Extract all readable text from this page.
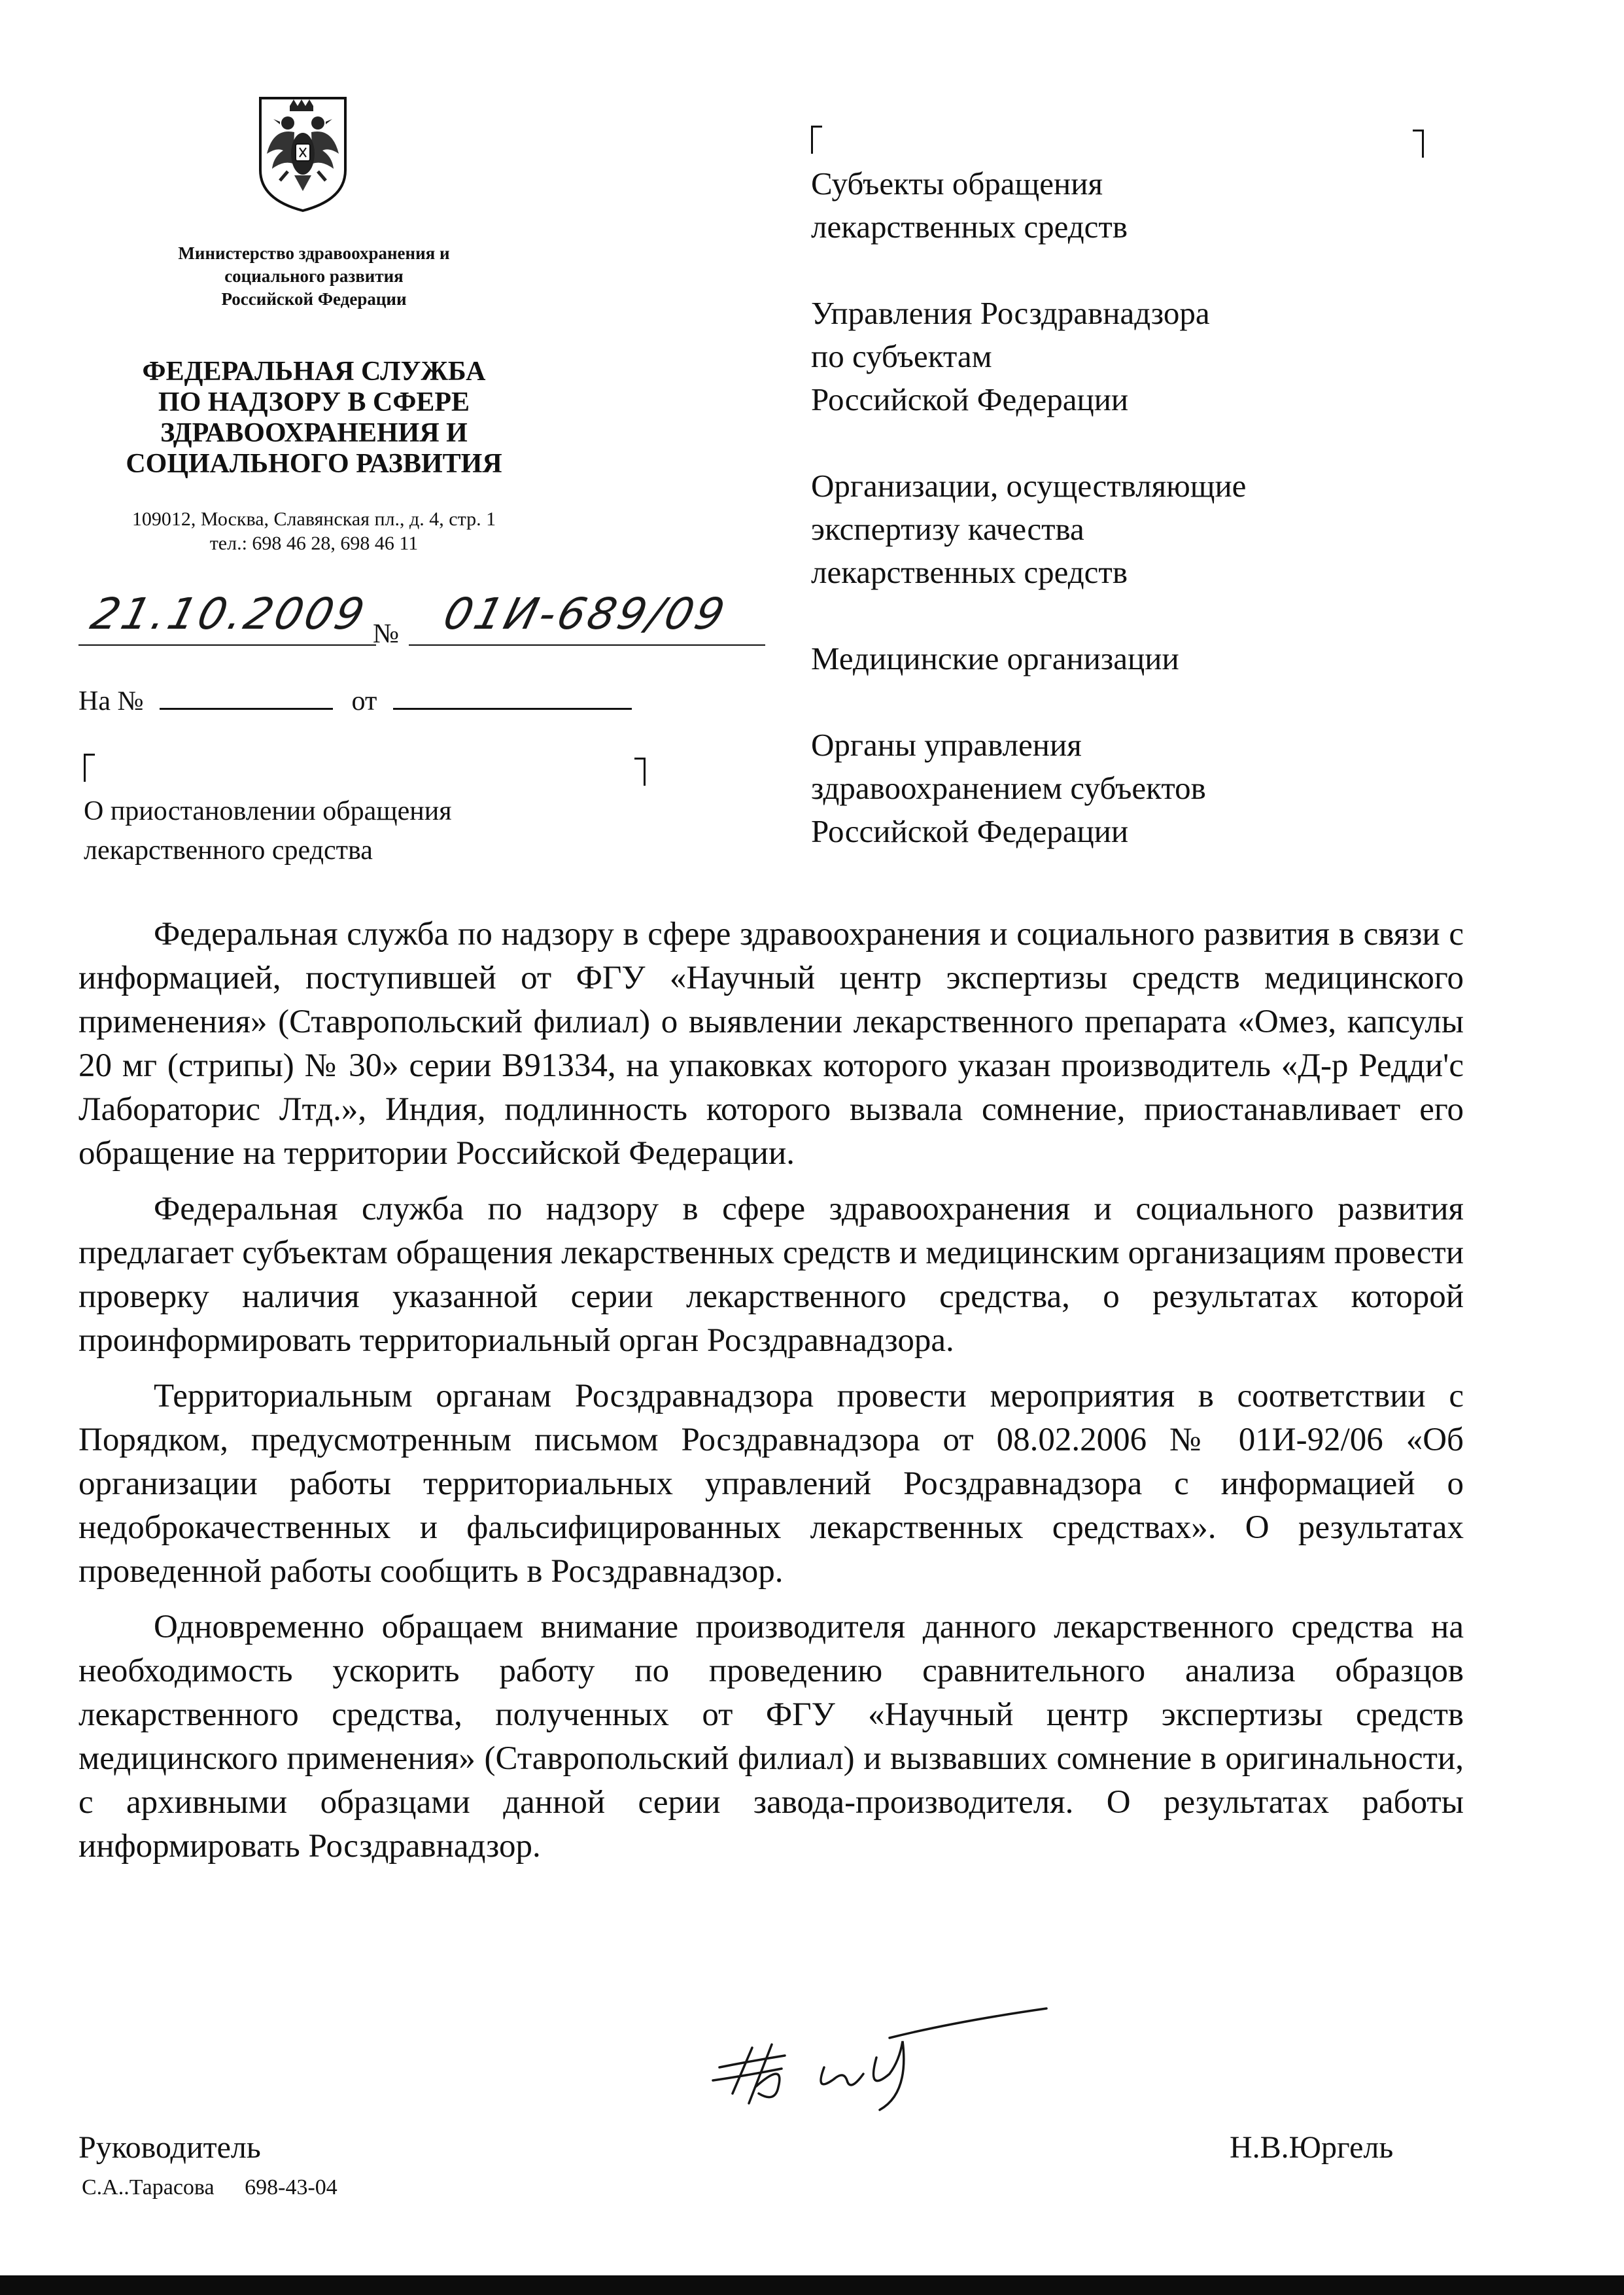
Министерство здравоохранения и
социального развития
Российской Федерации
ФЕДЕРАЛЬНАЯ СЛУЖБА
ПО НАДЗОРУ В СФЕРЕ
ЗДРАВООХРАНЕНИЯ И
СОЦИАЛЬНОГО РАЗВИТИЯ
109012, Москва, Славянская пл., д. 4, стр. 1
тел.: 698 46 28, 698 46 11
21.10.2009 № 01И-689/09
На №	от
О приостановлении обращения
лекарственного средства
Субъекты обращения
лекарственных средств
Управления Росздравнадзора
по субъектам
Российской Федерации
Организации, осуществляющие
экспертизу качества
лекарственных средств
Медицинские организации
Органы управления
здравоохранением субъектов
Российской Федерации

Федеральная служба по надзору в сфере здравоохранения и социального развития в связи с информацией, поступившей от ФГУ «Научный центр экспертизы средств медицинского применения» (Ставропольский филиал) о выявлении лекарственного препарата «Омез, капсулы 20 мг (стрипы) № 30» серии B91334, на упаковках которого указан производитель «Д-р Редди'с Лабораторис Лтд.», Индия, подлинность которого вызвала сомнение, приостанавливает его обращение на территории Российской Федерации.

Федеральная служба по надзору в сфере здравоохранения и социального развития предлагает субъектам обращения лекарственных средств и медицинским организациям провести проверку наличия указанной серии лекарственного средства, о результатах которой проинформировать территориальный орган Росздравнадзора.

Территориальным органам Росздравнадзора провести мероприятия в соответствии с Порядком, предусмотренным письмом Росздравнадзора от 08.02.2006 № 01И-92/06 «Об организации работы территориальных управлений Росздравнадзора с информацией о недоброкачественных и фальсифицированных лекарственных средствах». О результатах проведенной работы сообщить в Росздравнадзор.

Одновременно обращаем внимание производителя данного лекарственного средства на необходимость ускорить работу по проведению сравнительного анализа образцов лекарственного средства, полученных от ФГУ «Научный центр экспертизы средств медицинского применения» (Ставропольский филиал) и вызвавших сомнение в оригинальности, с архивными образцами данной серии завода-производителя. О результатах работы информировать Росздравнадзор.

Руководитель	Н.В.Юргель
С.А..Тарасова 698-43-04
